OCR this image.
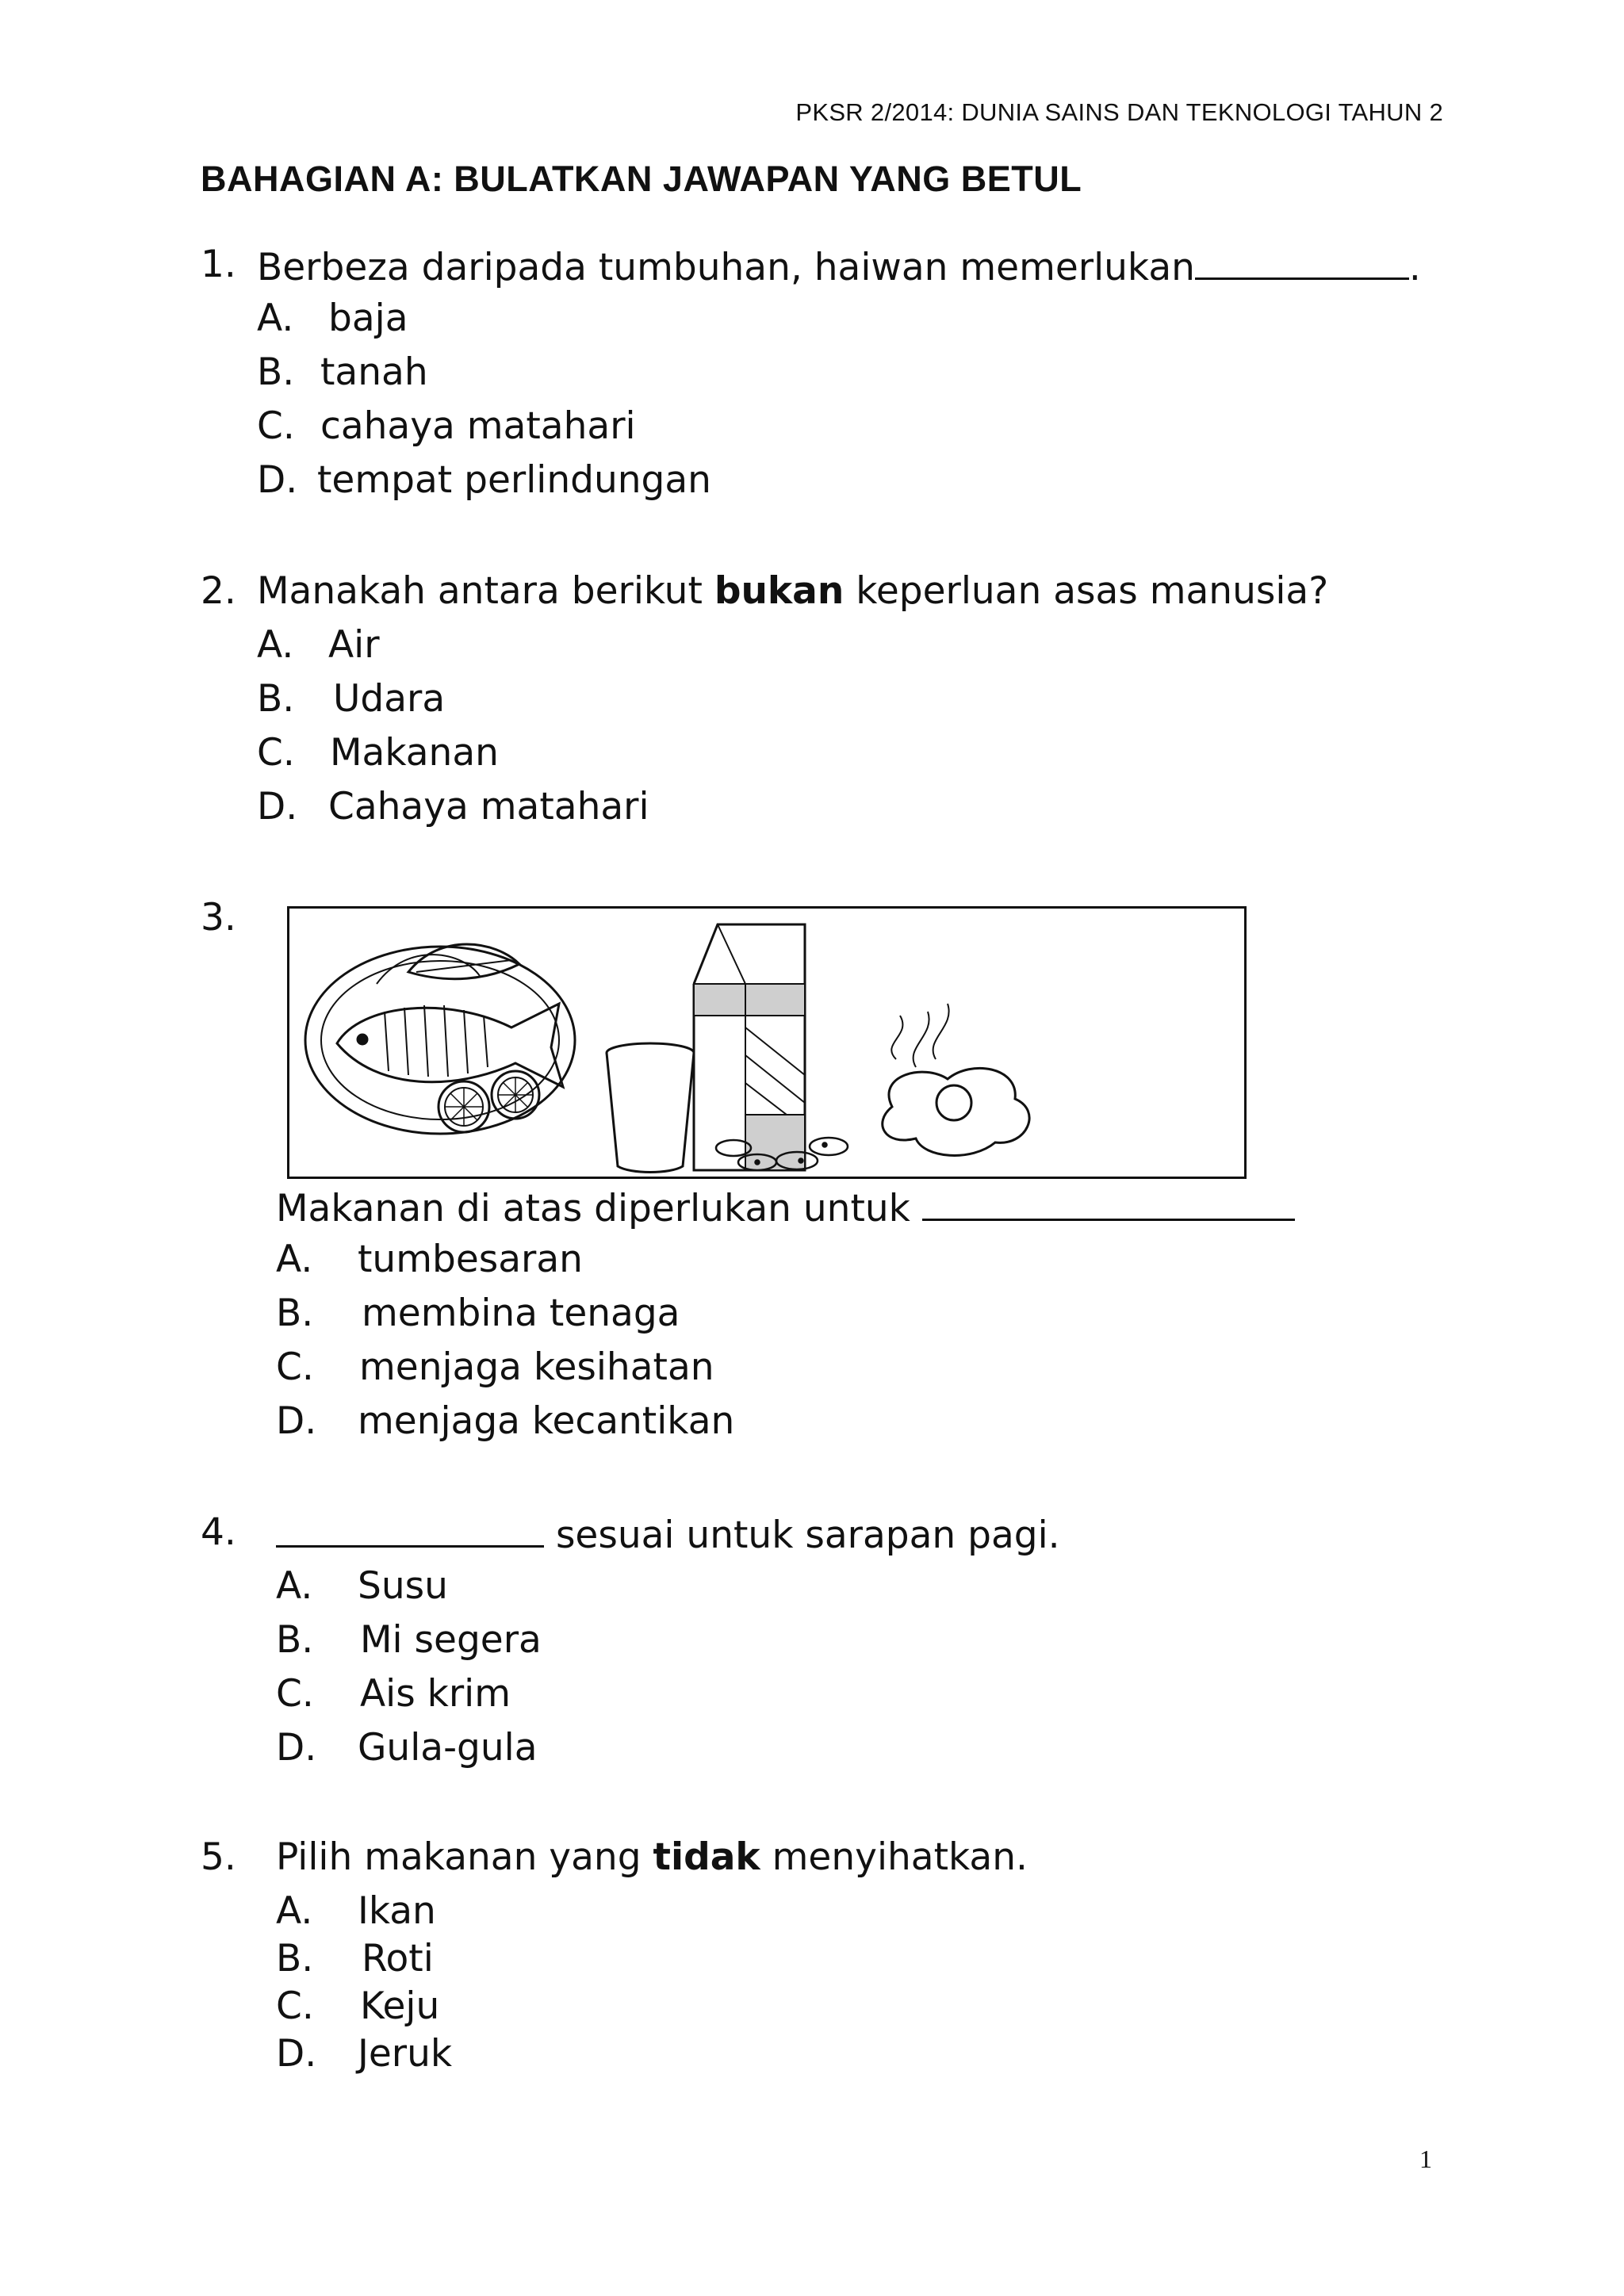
PKSR 2/2014: DUNIA SAINS DAN TEKNOLOGI TAHUN 2
BAHAGIAN A: BULATKAN JAWAPAN YANG BETUL
1. Berbeza daripada tumbuhan, haiwan memerlukan	.
A. baja
B. tanah
C. cahaya matahari
D. tempat perlindungan
2. Manakah antara berikut bukan keperluan asas manusia?
A. Air
B. Udara
C. Makanan
D. Cahaya matahari
3.
Makanan di atas diperlukan untuk
A. tumbesaran
B. membina tenaga
C. menjaga kesihatan
D. menjaga kecantikan
4.	sesuai untuk sarapan pagi.
A. Susu
B. Mi segera
C. Ais krim
D. Gula-gula
5. Pilih makanan yang tidak menyihatkan.
A. Ikan
B. Roti
C. Keju
D. Jeruk
1
